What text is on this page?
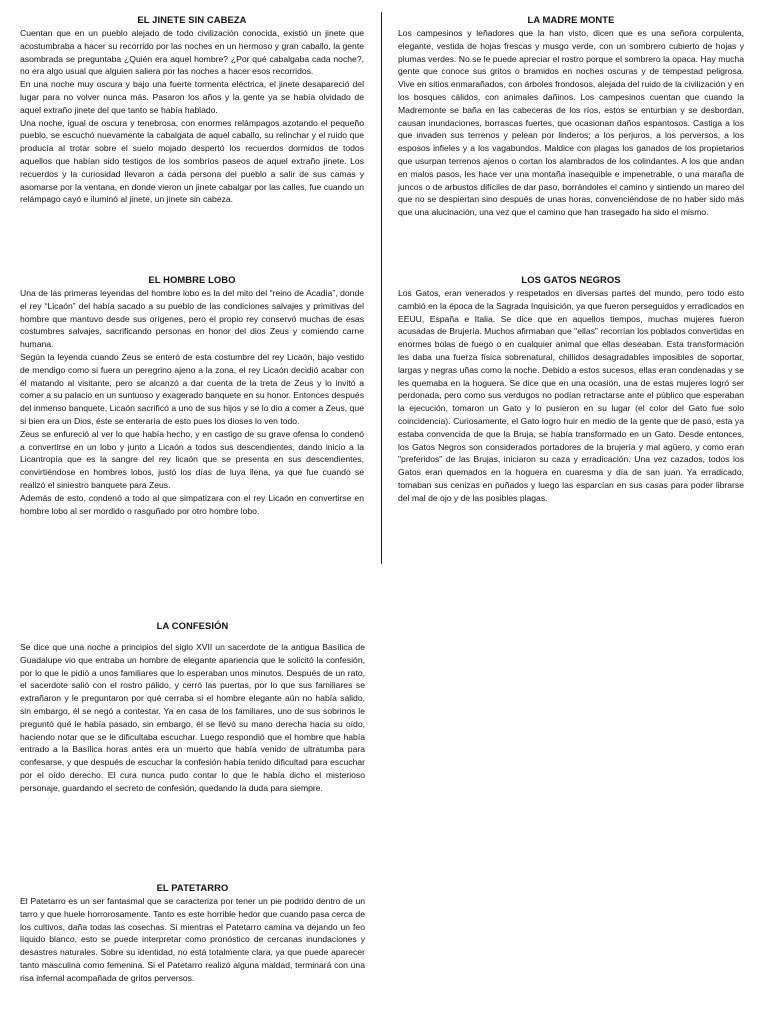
EL JINETE SIN CABEZA

Cuentan que en un pueblo alejado de todo civilización conocida, existió un jinete que acostumbraba a hacer su recorrido por las noches en un hermoso y gran caballo, la gente asombrada se preguntaba ¿Quién era aquel hombre? ¿Por qué cabalgaba cada noche?, no era algo usual que alguien saliera por las noches a hacer esos recorridos.

En una noche muy oscura y bajo una fuerte tormenta eléctrica, el jinete desapareció del lugar para no volver nunca más. Pasaron los años y la gente ya se había olvidado de aquel extraño jinete del que tanto se había hablado.

Una noche, igual de oscura y tenebrosa, con enormes relámpagos azotando el pequeño pueblo, se escuchó nuevamente la cabalgata de aquel caballo, su relinchar y el ruido que producía al trotar sobre el suelo mojado despertó los recuerdos dormidos de todos aquellos que habían sido testigos de los sombríos paseos de aquel extraño jinete. Los recuerdos y la curiosidad llevaron a cada persona del pueblo a salir de sus camas y asomarse por la ventana, en donde vieron un jinete cabalgar por las calles, fue cuando un relámpago cayó e iluminó al jinete, un jinete sin cabeza.

LA MADRE MONTE

Los campesinos y leñadores que la han visto, dicen que es una señora corpulenta, elegante, vestida de hojas frescas y musgo verde, con un sombrero cubierto de hojas y plumas verdes. No se le puede apreciar el rostro porque el sombrero la opaca. Hay mucha gente que conoce sus gritos o bramidos en noches oscuras y de tempestad peligrosa. Vive en sitios enmarañados, con árboles frondosos, alejada del ruido de la civilización y en los bosques cálidos, con animales dañinos. Los campesinos cuentan que cuando la Madremonte se baña en las cabeceras de los ríos, estos se enturbian y se desbordan, causan inundaciones, borrascas fuertes, que ocasionan daños espantosos. Castiga a los que invaden sus terrenos y pelean por linderos; a los perjuros, a los perversos, a los esposos infieles y a los vagabundos. Maldice con plagas los ganados de los propietarios que usurpan terrenos ajenos o cortan los alambrados de los colindantes. A los que andan en malos pasos, les hace ver una montaña inasequible e impenetrable, o una maraña de juncos o de arbustos difíciles de dar paso, borrándoles el camino y sintiendo un mareo del que no se despiertan sino después de unas horas, convenciéndose de no haber sido más que una alucinación, una vez que el camino que han trasegado ha sido el mismo.

EL HOMBRE LOBO

Una de las primeras leyendas del hombre lobo es la del mito del “reino de Acadia”, donde el rey “Licaón” del había sacado a su pueblo de las condiciones salvajes y primitivas del hombre que mantuvo desde sus orígenes, pero el propio rey conservó muchas de esas costumbres salvajes, sacrificando personas en honor del dios Zeus y comiendo carne humana.

Según la leyenda cuando Zeus se enteró de esta costumbre del rey Licaón, bajo vestido de mendigo como si fuera un peregrino ajeno a la zona, el rey Licaón decidió acabar con él matando al visitante, pero se alcanzó a dar cuenta de la treta de Zeus y lo invitó a comer a su palacio en un suntuoso y exagerado banquete en su honor. Entonces después del inmenso banquete, Licaón sacrificó a uno de sus hijos y se lo dio a comer a Zeus, que si bien era un Dios, éste se enteraría de esto pues los dioses lo ven todo.

Zeus se enfureció al ver lo que había hecho, y en castigo de su grave ofensa lo condenó a convertirse en un lobo y junto a Licaón a todos sus descendientes, dando inicio a la Licantropía que es la sangre del rey licaón que se presenta en sus descendientes, convirtiéndose en hombres lobos, justó los días de luya llena, ya que fue cuando se realizó el siniestro banquete para Zeus.

Además de esto, condenó a todo al que simpatizara con el rey Licaón en convertirse en hombre lobo al ser mordido o rasguñado por otro hombre lobo.

LOS GATOS NEGROS

Los Gatos, eran venerados y respetados en diversas partes del mundo, pero todo esto cambió en la época de la Sagrada Inquisición, ya que fueron perseguidos y erradicados en EEUU, España e Italia. Se dice que en aquellos tiempos, muchas mujeres fueron acusadas de Brujería. Muchos afirmaban que "ellas" recorrían los poblados convertidas en enormes bolas de fuego o en cualquier animal que ellas deseaban. Esta transformación les daba una fuerza física sobrenatural, chillidos desagradables imposibles de soportar, largas y negras uñas como la noche. Debido a estos sucesos, ellas eran condenadas y se les quemaba en la hoguera. Se dice que en una ocasión, una de estas mujeres logró ser perdonada, pero como sus verdugos no podían retractarse ante el público que esperaban la ejecución, tomaron un Gato y lo pusieron en su lugar (el color del Gato fue solo coincidencia). Curiosamente, el Gato logro huir en medio de la gente que de paso, esta ya estaba convencida de que la Bruja, se había transformado en un Gato. Desde entonces, los Gatos Negros son considerados portadores de la brujería y mal agüero, y como eran "preferidos" de las Brujas, iniciaron su caza y erradicación. Una vez cazados, todos los Gatos eran quemados en la hoguera en cuaresma y día de san juan. Ya erradicado, tomaban sus cenizas en puñados y luego las esparcían en sus casas para poder librarse del mal de ojo y de las posibles plagas.

LA CONFESIÓN

Se dice que una noche a principios del siglo XVII un sacerdote de la antigua Basílica de Guadalupe vio que entraba un hombre de elegante apariencia que le solicitó la confesión, por lo que le pidió a unos familiares que lo esperaban unos minutos. Después de un rato, el sacerdote salió con el rostro pálido, y cerró las puertas, por lo que sus familiares se extrañaron y le preguntaron por qué cerraba si el hombre elegante aún no había salido, sin embargo, él se negó a contestar. Ya en casa de los familiares, uno de sus sobrinos le preguntó qué le había pasado, sin embargo, él se llevó su mano derecha hacia su oído, haciendo notar que se le dificultaba escuchar. Luego respondió que el hombre que había entrado a la Basílica horas antes era un muerto que había venido de ultratumba para confesarse, y que después de escuchar la confesión había tenido dificultad para escuchar por el oído derecho. El cura nunca pudo contar lo que le había dicho el misterioso personaje, guardando el secreto de confesión, quedando la duda para siempre.

EL PATETARRO

El Patetarro es un ser fantasmal que se caracteriza por tener un pie podrido dentro de un tarro y que huele horrorosamente. Tanto es este horrible hedor que cuando pasa cerca de los cultivos, daña todas las cosechas. Si mientras el Patetarro camina va dejando un feo líquido blanco, esto se puede interpretar como pronóstico de cercanas inundaciones y desastres naturales. Sobre su identidad, no está totalmente clara, ya que puede aparecer tanto masculina como femenina. Si el Patetarro realizó alguna maldad, terminará con una risa infernal acompañada de gritos perversos.
